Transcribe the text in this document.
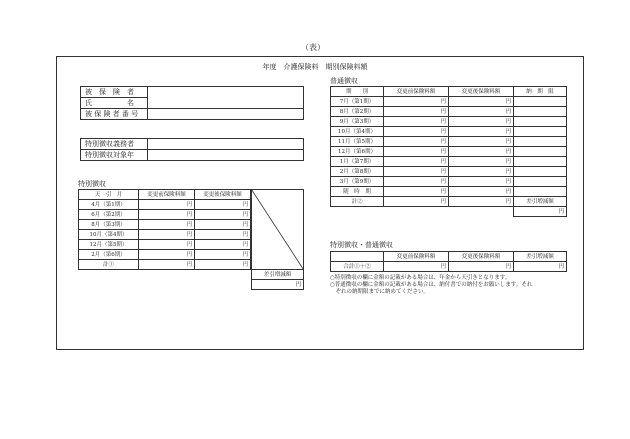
（表）
年度　介護保険料　期別保険料額
被　保　険　者	
氏　　　　　名	
被 保 険 者 番 号	
特別徴収義務者	
特別徴収対象年	
特別徴収
天　引　月	変更前保険料額	変更後保険料額
4月（第1期）	円	円
6月（第2期）	円	円
8月（第3期）	円	円
10月（第4期）	円	円
12月（第5期）	円	円
2月（第6期）	円	円
計①	円	円
差引増減額
円
普通徴収
期　　別	変更前保険料額	変更後保険料額	納　期　限
7月（第1期）	円	円	
8月（第2期）	円	円	
9月（第3期）	円	円	
10月（第4期）	円	円	
11月（第5期）	円	円	
12月（第6期）	円	円	
1月（第7期）	円	円	
2月（第8期）	円	円	
3月（第9期）	円	円	
随　時　期	円	円	
計②	円	円	差引増減額
			円
特別徴収・普通徴収
	変更前保険料額	変更後保険料額	差引増減額
合計①＋②	円	円	円
○特別徴収の欄に金額の記載がある場合は、年金から天引きとなります。
○普通徴収の欄に金額の記載がある場合は、納付書での納付をお願いします。それ
　ぞれの納期限までに納めてください。
